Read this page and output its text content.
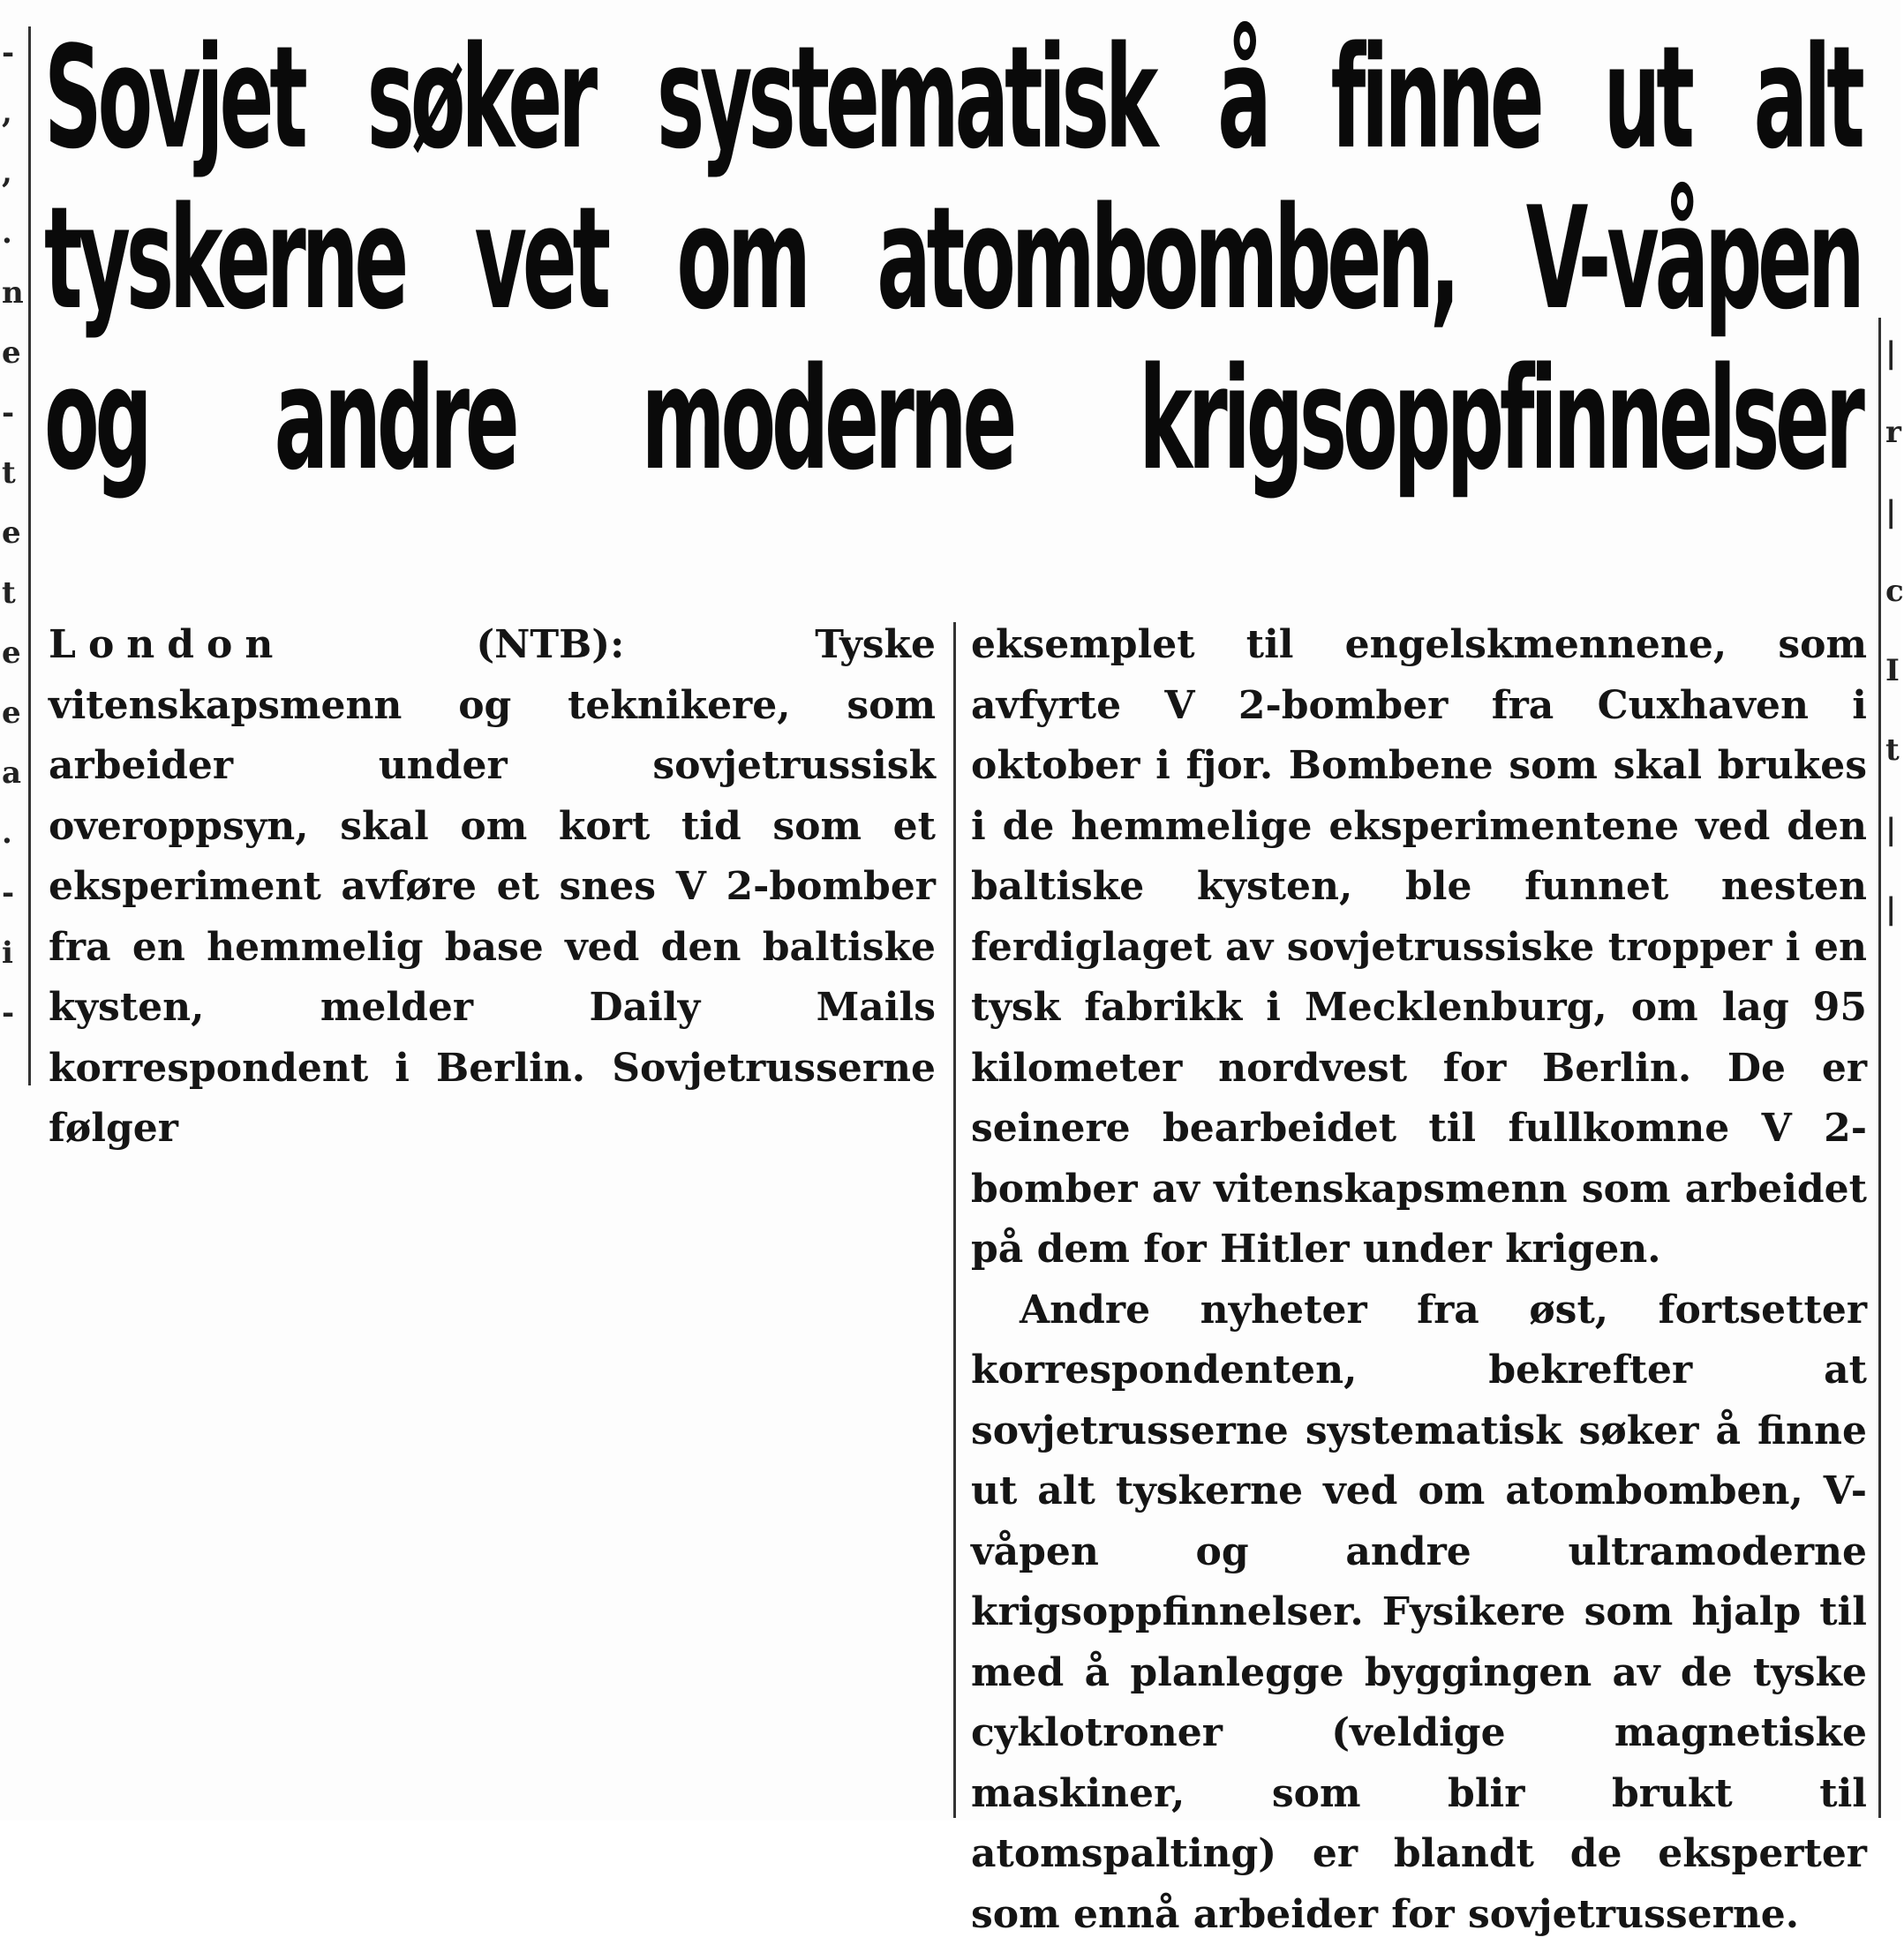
-
,
,
.
n
e
-
t
e
t
e
e
a
.
-
i
-
Sovjet søker systematisk å finne ut alt
tyskerne vet om atombomben, V-våpen
og andre moderne krigsoppfinnelser

London	(NTB):	Tyske vitenskapsmenn og teknikere, som arbeider under sovjetrussisk overoppsyn, skal om kort tid som et eksperiment avføre et snes V 2-bomber fra en hemmelig base ved den baltiske kysten, melder Daily Mails korrespondent i Berlin. Sovjetrusserne følger

eksemplet til engelskmennene, som avfyrte V 2-bomber fra Cuxhaven i oktober i fjor. Bombene som skal brukes i de hemmelige eksperimentene ved den baltiske kysten, ble funnet nesten ferdiglaget av sovjetrussiske tropper i en tysk fabrikk i Mecklenburg, om lag 95 kilometer nordvest for Berlin. De er seinere bearbeidet til fullkomne V 2-bomber av vitenskapsmenn som arbeidet på dem for Hitler under krigen.

Andre nyheter fra øst, fortsetter korrespondenten, bekrefter at sovjetrusserne systematisk søker å finne ut alt tyskerne ved om atombomben, V-våpen og andre ultramoderne krigsoppfinnelser. Fysikere som hjalp til med å planlegge byggingen av de tyske cyklotroner (veldige magnetiske maskiner, som blir brukt til atomspalting) er blandt de eksperter som ennå arbeider for sovjetrusserne.

|
r
|
c
I
t
|
|
